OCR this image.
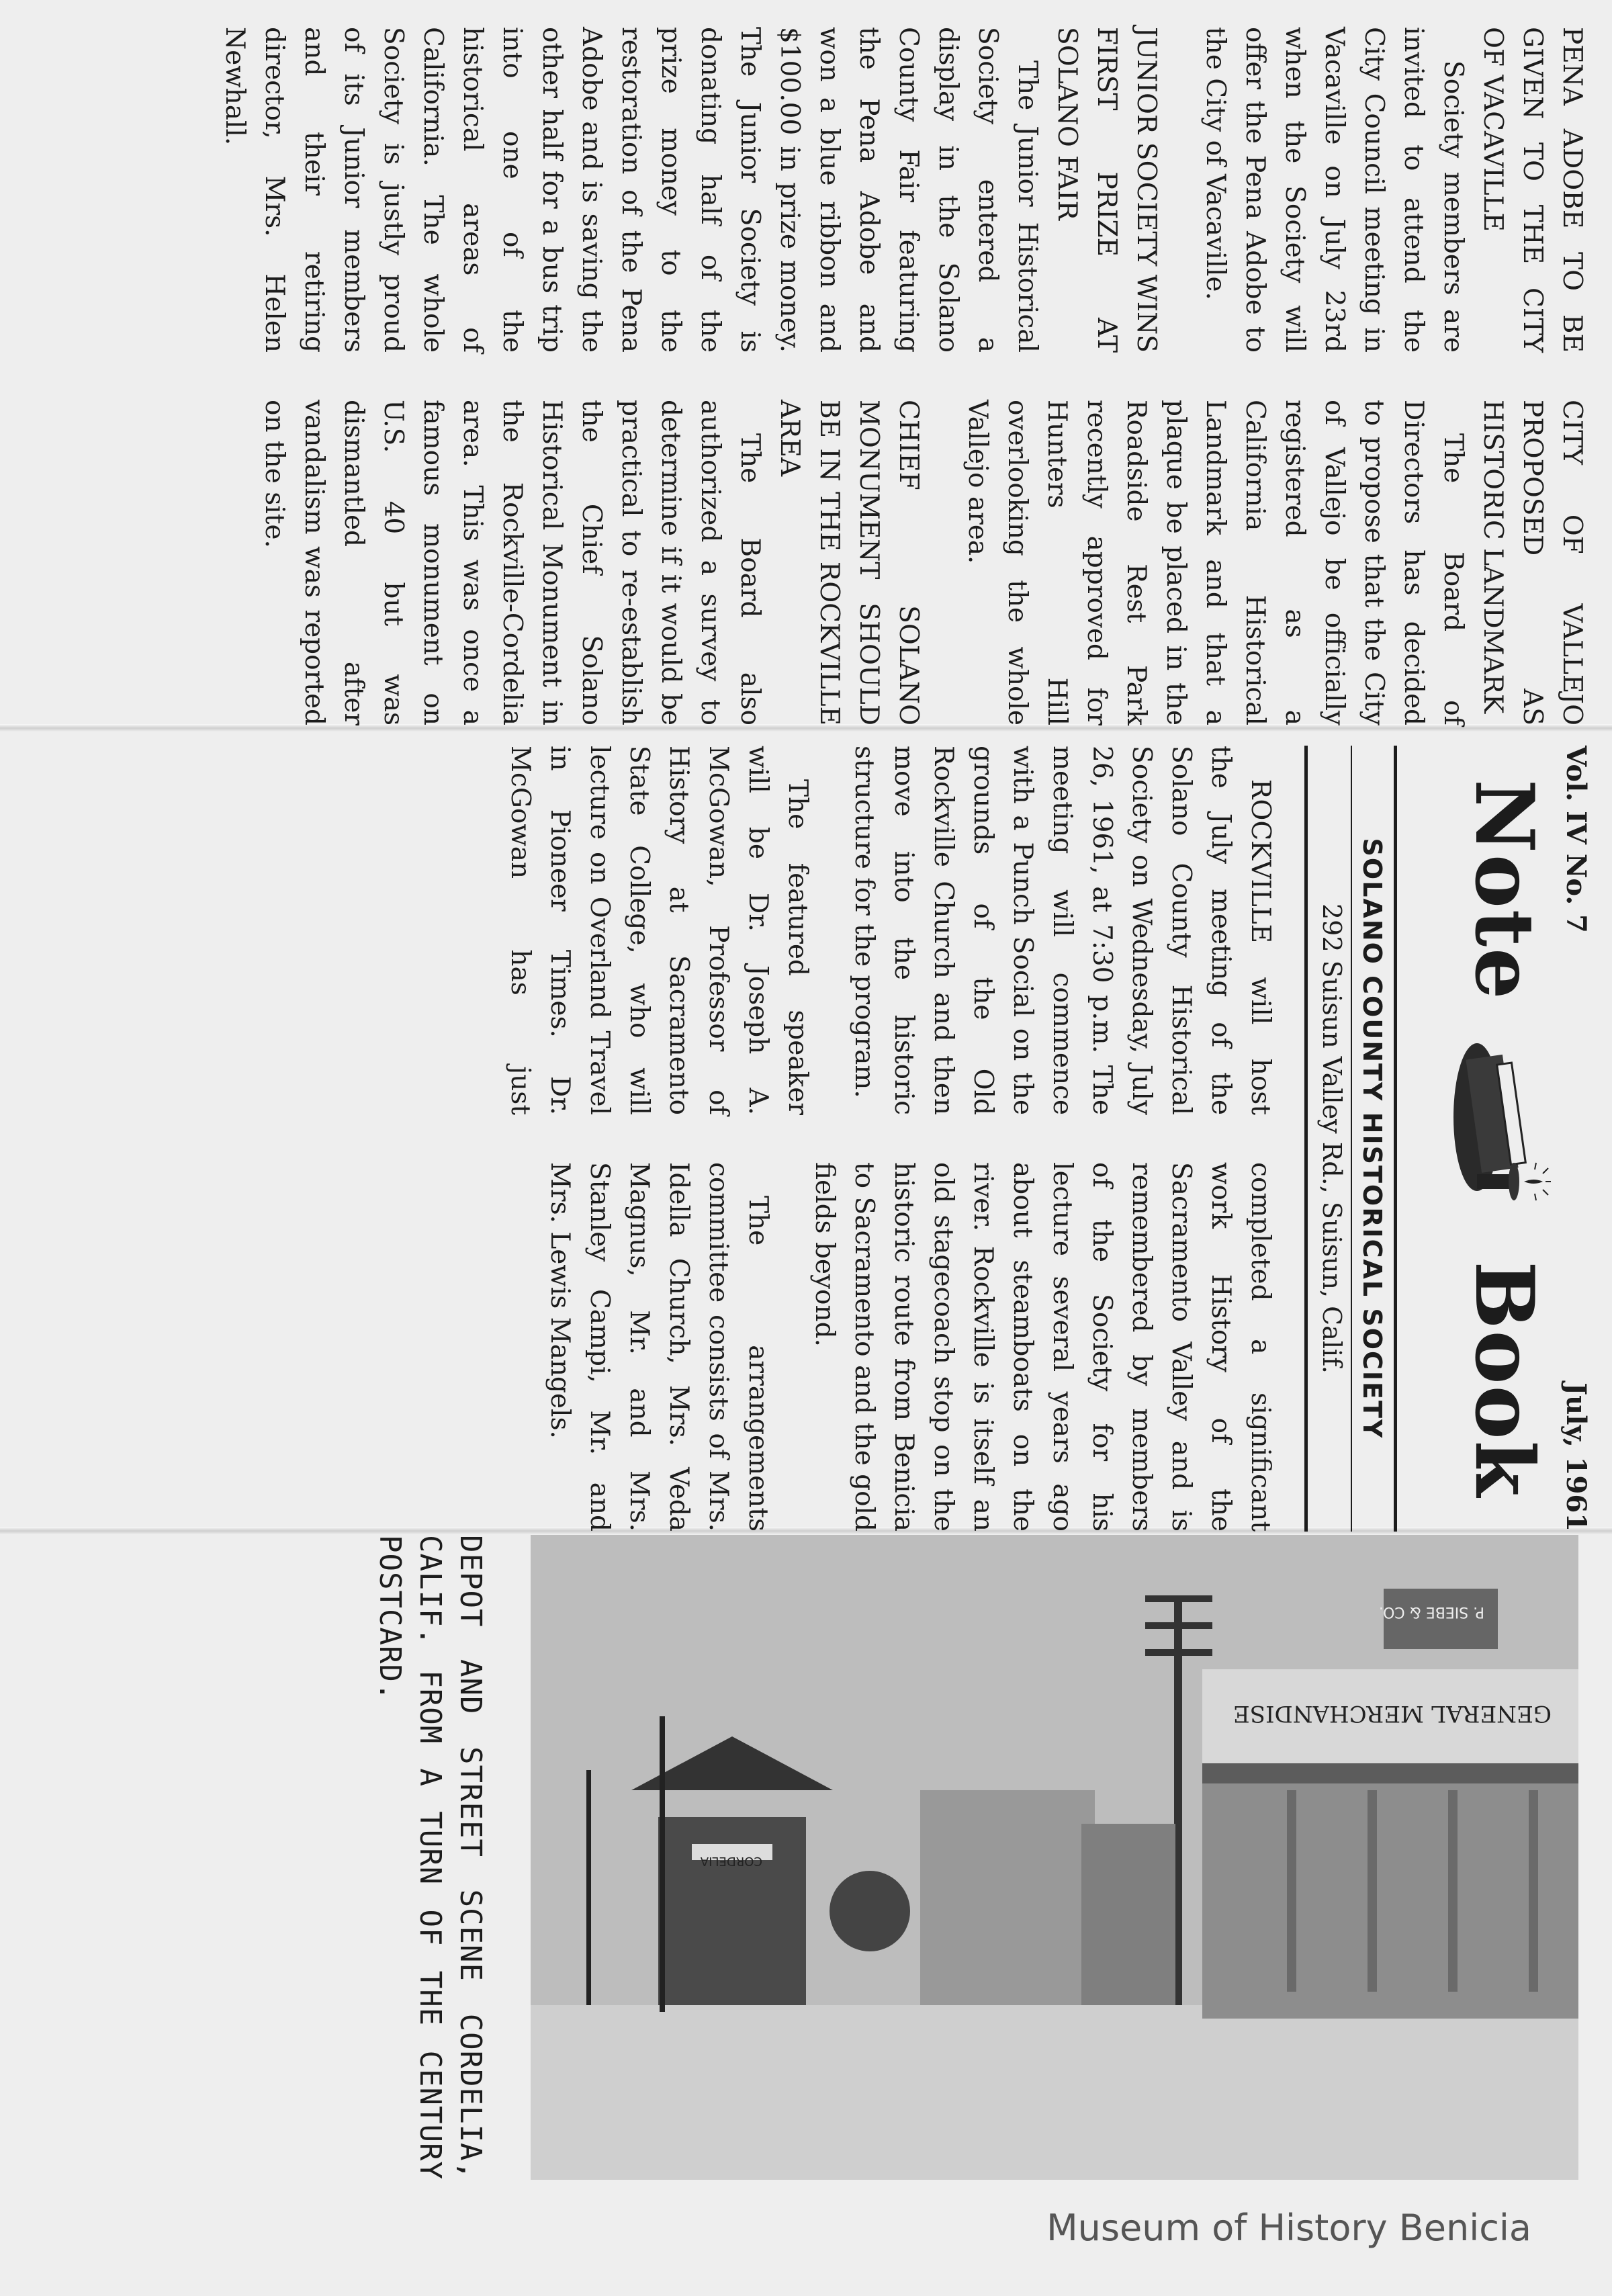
PENA ADOBE TO BE GIVEN TO THE CITY OF VACAVILLE

Society members are invited to attend the City Council meeting in Vacaville on July 23rd when the Society will offer the Pena Adobe to the City of Vacaville.

JUNIOR SOCIETY WINS FIRST PRIZE AT SOLANO FAIR

The Junior Historical Society entered a display in the Solano County Fair featuring the Pena Adobe and won a blue ribbon and $100.00 in prize money. The Junior Society is donating half of the prize money to the restoration of the Pena Adobe and is saving the other half for a bus trip into one of the historical areas of California. The whole Society is justly proud of its Junior members and their retiring director, Mrs. Helen Newhall.

CITY OF VALLEJO PROPOSED AS HISTORIC LANDMARK

The Board of Directors has decided to propose that the City of Vallejo be officially registered as a California Historical Landmark and that a plaque be placed in the Roadside Rest Park recently approved for Hunters Hill overlooking the whole Vallejo area.

CHIEF SOLANO MONUMENT SHOULD BE IN THE ROCKVILLE AREA

The Board also authorized a survey to determine if it would be practical to re-establish the Chief Solano Historical Monument in the Rockville-Cordelia area. This was once a famous monument on U.S. 40 but was dismantled after vandalism was reported on the site.

Vol. IV No. 7
July, 1961
Note  Book
SOLANO COUNTY HISTORICAL SOCIETY
292 Suisun Valley Rd., Suisun, Calif.

ROCKVILLE will host the July meeting of the Solano County Historical Society on Wednesday, July 26, 1961, at 7:30 p.m. The meeting will commence with a Punch Social on the grounds of the Old Rockville Church and then move into the historic structure for the program.

The featured speaker will be Dr. Joseph A. McGowan, Professor of History at Sacramento State College, who will lecture on Overland Travel in Pioneer Times. Dr. McGowan has just completed a significant work History of the Sacramento Valley and is remembered by members of the Society for his lecture several years ago about steamboats on the river. Rockville is itself an old stagecoach stop on the historic route from Benicia to Sacramento and the gold fields beyond.

The arrangements committee consists of Mrs. Idella Church, Mrs. Veda Magnus, Mr. and Mrs. Stanley Campi, Mr. and Mrs. Lewis Mangels.

GENERAL MERCHANDISE
P. SIEBE & CO.
CORDELIA
DEPOT AND STREET SCENE CORDELIA, CALIF. FROM A TURN OF THE CENTURY POSTCARD.
Museum of History Benicia
